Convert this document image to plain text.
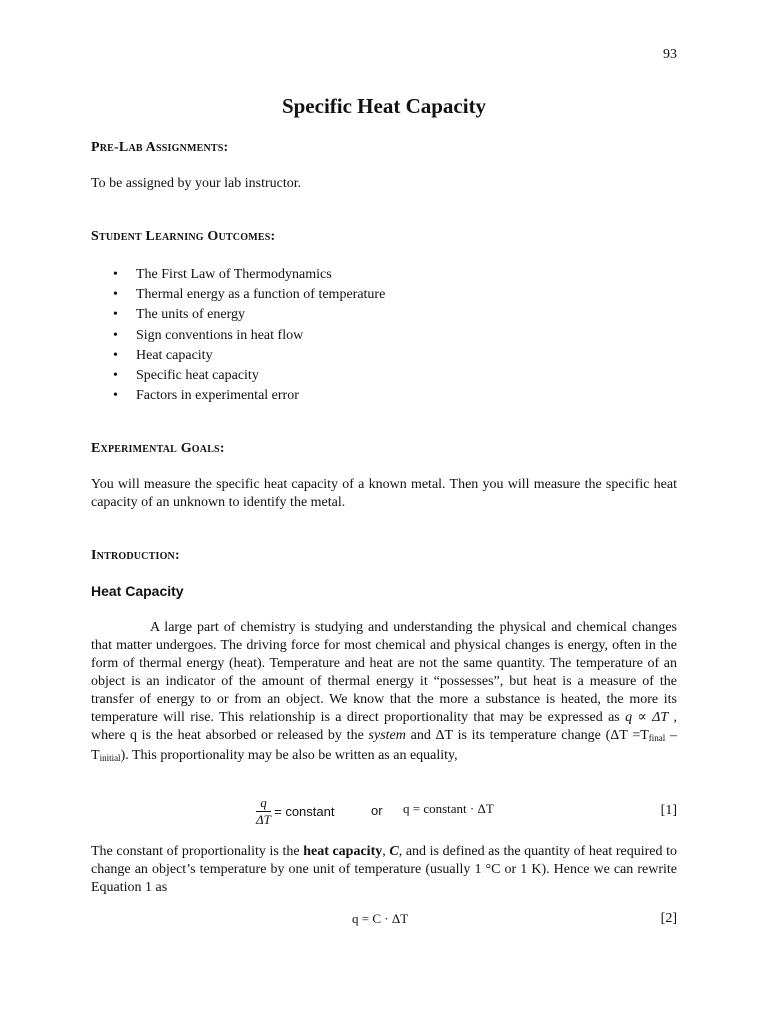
93
Specific Heat Capacity
Pre-Lab Assignments:
To be assigned by your lab instructor.
Student Learning Outcomes:
• The First Law of Thermodynamics
• Thermal energy as a function of temperature
• The units of energy
• Sign conventions in heat flow
• Heat capacity
• Specific heat capacity
• Factors in experimental error
Experimental Goals:
You will measure the specific heat capacity of a known metal. Then you will measure the specific heat capacity of an unknown to identify the metal.
Introduction:
Heat Capacity
A large part of chemistry is studying and understanding the physical and chemical changes that matter undergoes. The driving force for most chemical and physical changes is energy, often in the form of thermal energy (heat). Temperature and heat are not the same quantity. The temperature of an object is an indicator of the amount of thermal energy it “possesses”, but heat is a measure of the transfer of energy to or from an object. We know that the more a substance is heated, the more its temperature will rise. This relationship is a direct proportionality that may be expressed as q ∝ ΔT , where q is the heat absorbed or released by the system and ΔT is its temperature change $(\Delta T =T_{final} - T_{initial})$. This proportionality may be also be written as an equality,
$\frac{q}{\Delta T}$ = constant	or q = constant · ΔT	[1]
The constant of proportionality is the heat capacity, C, and is defined as the quantity of heat required to change an object’s temperature by one unit of temperature (usually 1 °C or 1 K). Hence we can rewrite Equation 1 as
q = C · ΔT	[2]
